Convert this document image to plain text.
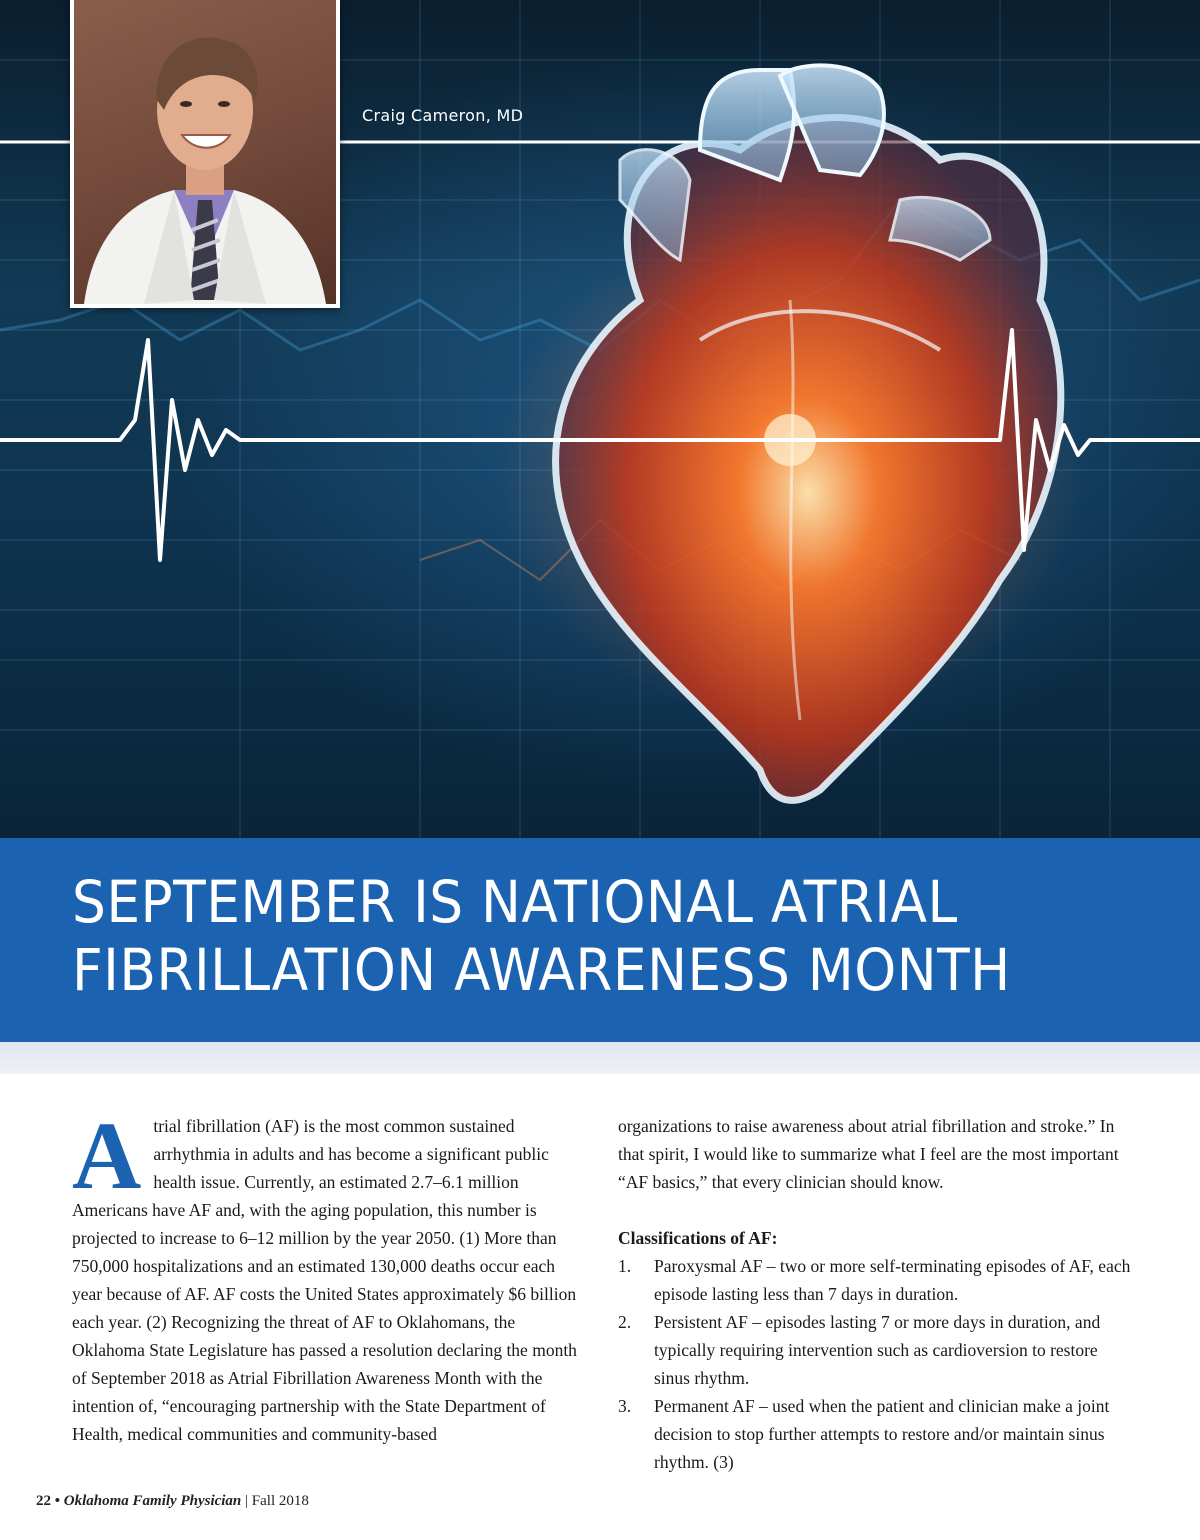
Craig Cameron, MD
SEPTEMBER IS NATIONAL ATRIAL
FIBRILLATION AWARENESS MONTH

Atrial fibrillation (AF) is the most common sustained arrhythmia in adults and has become a significant public health issue. Currently, an estimated 2.7–6.1 million Americans have AF and, with the aging population, this number is projected to increase to 6–12 million by the year 2050. (1) More than 750,000 hospitalizations and an estimated 130,000 deaths occur each year because of AF. AF costs the United States approximately $6 billion each year. (2) Recognizing the threat of AF to Oklahomans, the Oklahoma State Legislature has passed a resolution declaring the month of September 2018 as Atrial Fibrillation Awareness Month with the intention of, “encouraging partnership with the State Department of Health, medical communities and community-based

organizations to raise awareness about atrial fibrillation and stroke.” In that spirit, I would like to summarize what I feel are the most important “AF basics,” that every clinician should know.

Classifications of AF:

1. Paroxysmal AF – two or more self-terminating episodes of AF, each episode lasting less than 7 days in duration.
2. Persistent AF – episodes lasting 7 or more days in duration, and typically requiring intervention such as cardioversion to restore sinus rhythm.
3. Permanent AF – used when the patient and clinician make a joint decision to stop further attempts to restore and/or maintain sinus rhythm. (3)
22 • Oklahoma Family Physician | Fall 2018
